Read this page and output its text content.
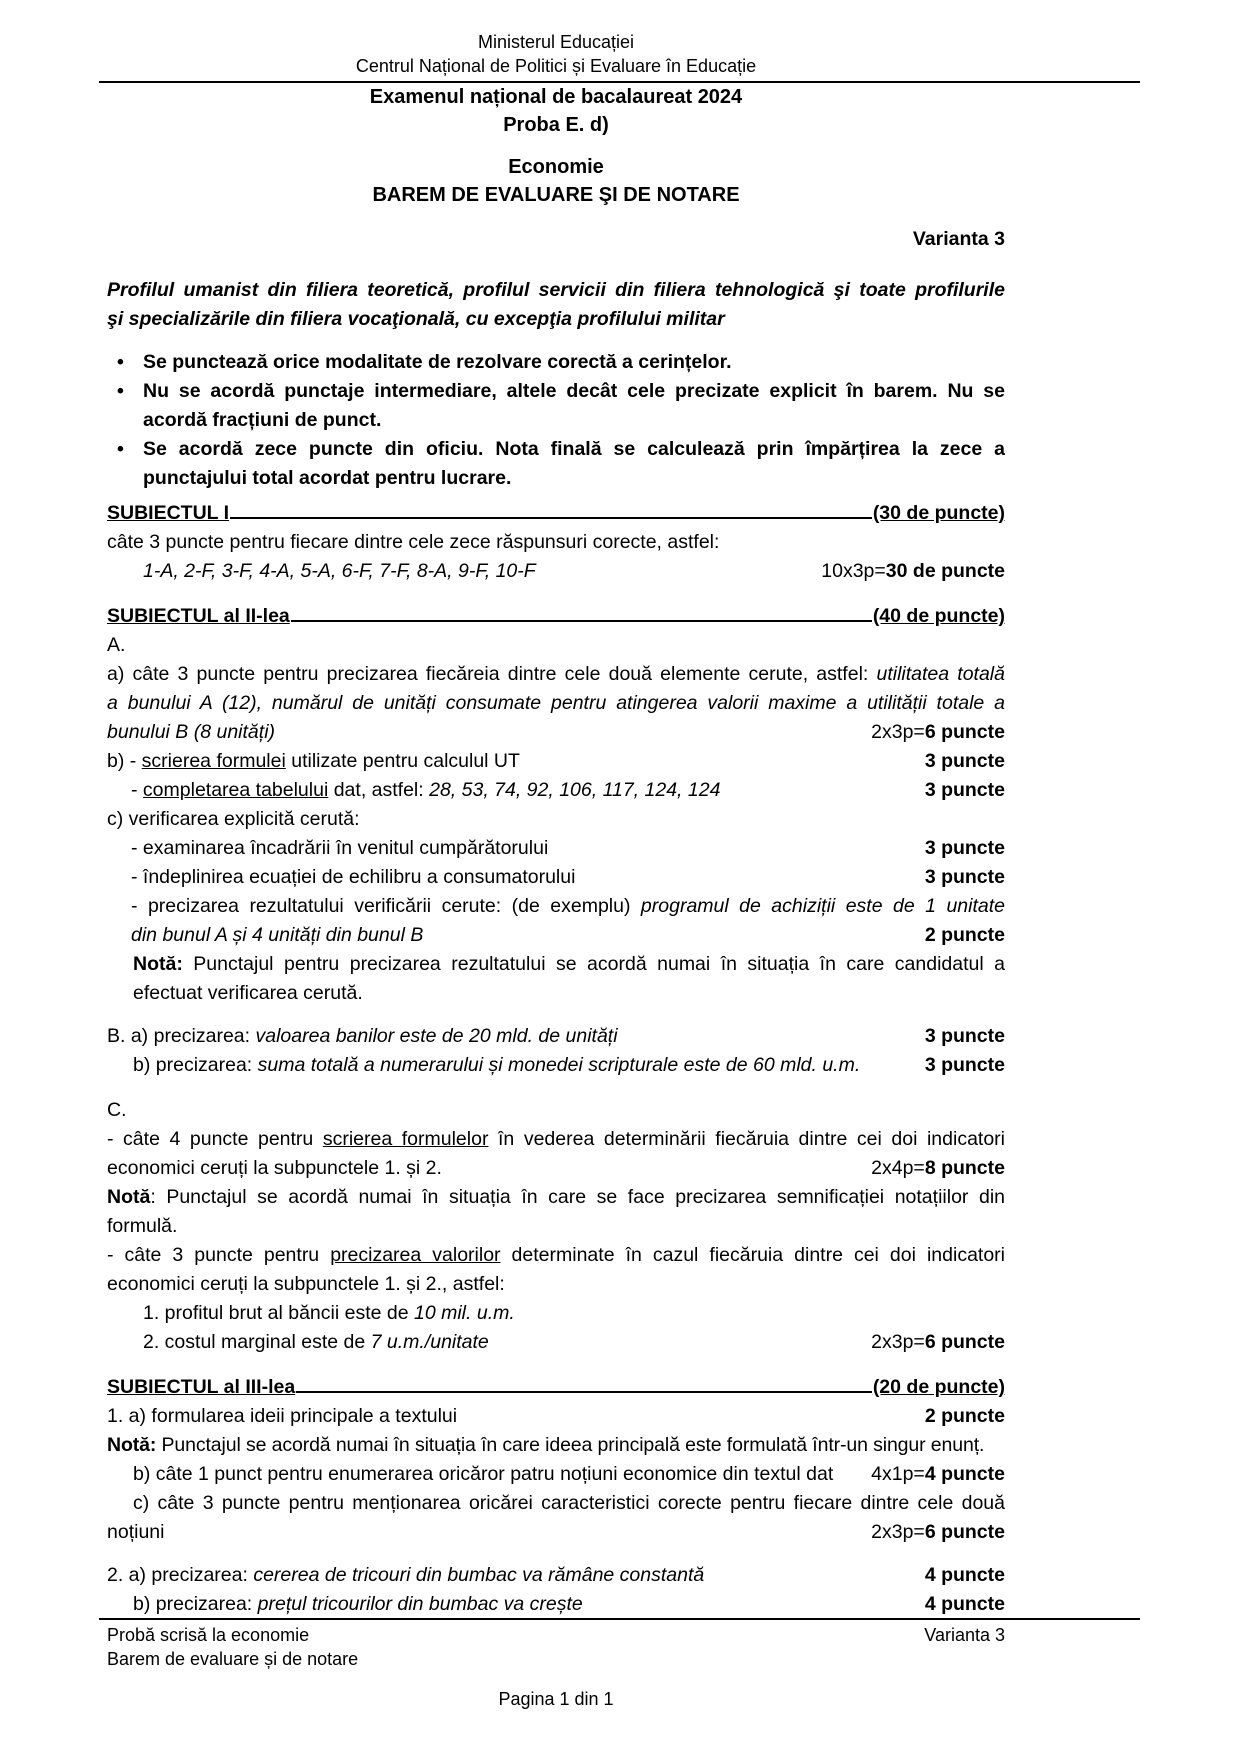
Ministerul Educației
Centrul Național de Politici și Evaluare în Educație
Examenul național de bacalaureat 2024
Proba E. d)
Economie
BAREM DE EVALUARE ŞI DE NOTARE
Varianta 3
Profilul umanist din filiera teoretică, profilul servicii din filiera tehnologică şi toate profilurile
şi specializările din filiera vocaţională, cu excepţia profilului militar
• Se punctează orice modalitate de rezolvare corectă a cerințelor.
• Nu se acordă punctaje intermediare, altele decât cele precizate explicit în barem. Nu se
acordă fracțiuni de punct.
• Se acordă zece puncte din oficiu. Nota finală se calculează prin împărțirea la zece a
punctajului total acordat pentru lucrare.
SUBIECTUL I	(30 de puncte)
câte 3 puncte pentru fiecare dintre cele zece răspunsuri corecte, astfel:
1-A, 2-F, 3-F, 4-A, 5-A, 6-F, 7-F, 8-A, 9-F, 10-F	10x3p=30 de puncte
SUBIECTUL al II-lea	(40 de puncte)
A.
a) câte 3 puncte pentru precizarea fiecăreia dintre cele două elemente cerute, astfel: utilitatea totală
a bunului A (12), numărul de unități consumate pentru atingerea valorii maxime a utilității totale a
bunului B (8 unități)	2x3p=6 puncte
b) - scrierea formulei utilizate pentru calculul UT	3 puncte
- completarea tabelului dat, astfel: 28, 53, 74, 92, 106, 117, 124, 124	3 puncte
c) verificarea explicită cerută:
- examinarea încadrării în venitul cumpărătorului	3 puncte
- îndeplinirea ecuației de echilibru a consumatorului	3 puncte
- precizarea rezultatului verificării cerute: (de exemplu) programul de achiziții este de 1 unitate
din bunul A și 4 unități din bunul B	2 puncte
Notă: Punctajul pentru precizarea rezultatului se acordă numai în situația în care candidatul a
efectuat verificarea cerută.
B. a) precizarea: valoarea banilor este de 20 mld. de unități	3 puncte
b) precizarea: suma totală a numerarului și monedei scripturale este de 60 mld. u.m.	3 puncte
C.
- câte 4 puncte pentru scrierea formulelor în vederea determinării fiecăruia dintre cei doi indicatori
economici ceruți la subpunctele 1. și 2.	2x4p=8 puncte
Notă: Punctajul se acordă numai în situația în care se face precizarea semnificației notațiilor din
formulă.
- câte 3 puncte pentru precizarea valorilor determinate în cazul fiecăruia dintre cei doi indicatori
economici ceruți la subpunctele 1. și 2., astfel:
1. profitul brut al băncii este de 10 mil. u.m.
2. costul marginal este de 7 u.m./unitate	2x3p=6 puncte
SUBIECTUL al III-lea	(20 de puncte)
1. a) formularea ideii principale a textului	2 puncte
Notă: Punctajul se acordă numai în situația în care ideea principală este formulată într-un singur enunț.
b) câte 1 punct pentru enumerarea oricăror patru noțiuni economice din textul dat	4x1p=4 puncte
c) câte 3 puncte pentru menționarea oricărei caracteristici corecte pentru fiecare dintre cele două
noțiuni	2x3p=6 puncte
2. a) precizarea: cererea de tricouri din bumbac va rămâne constantă	4 puncte
b) precizarea: prețul tricourilor din bumbac va crește	4 puncte
Probă scrisă la economie	Varianta 3
Barem de evaluare și de notare
Pagina 1 din 1
